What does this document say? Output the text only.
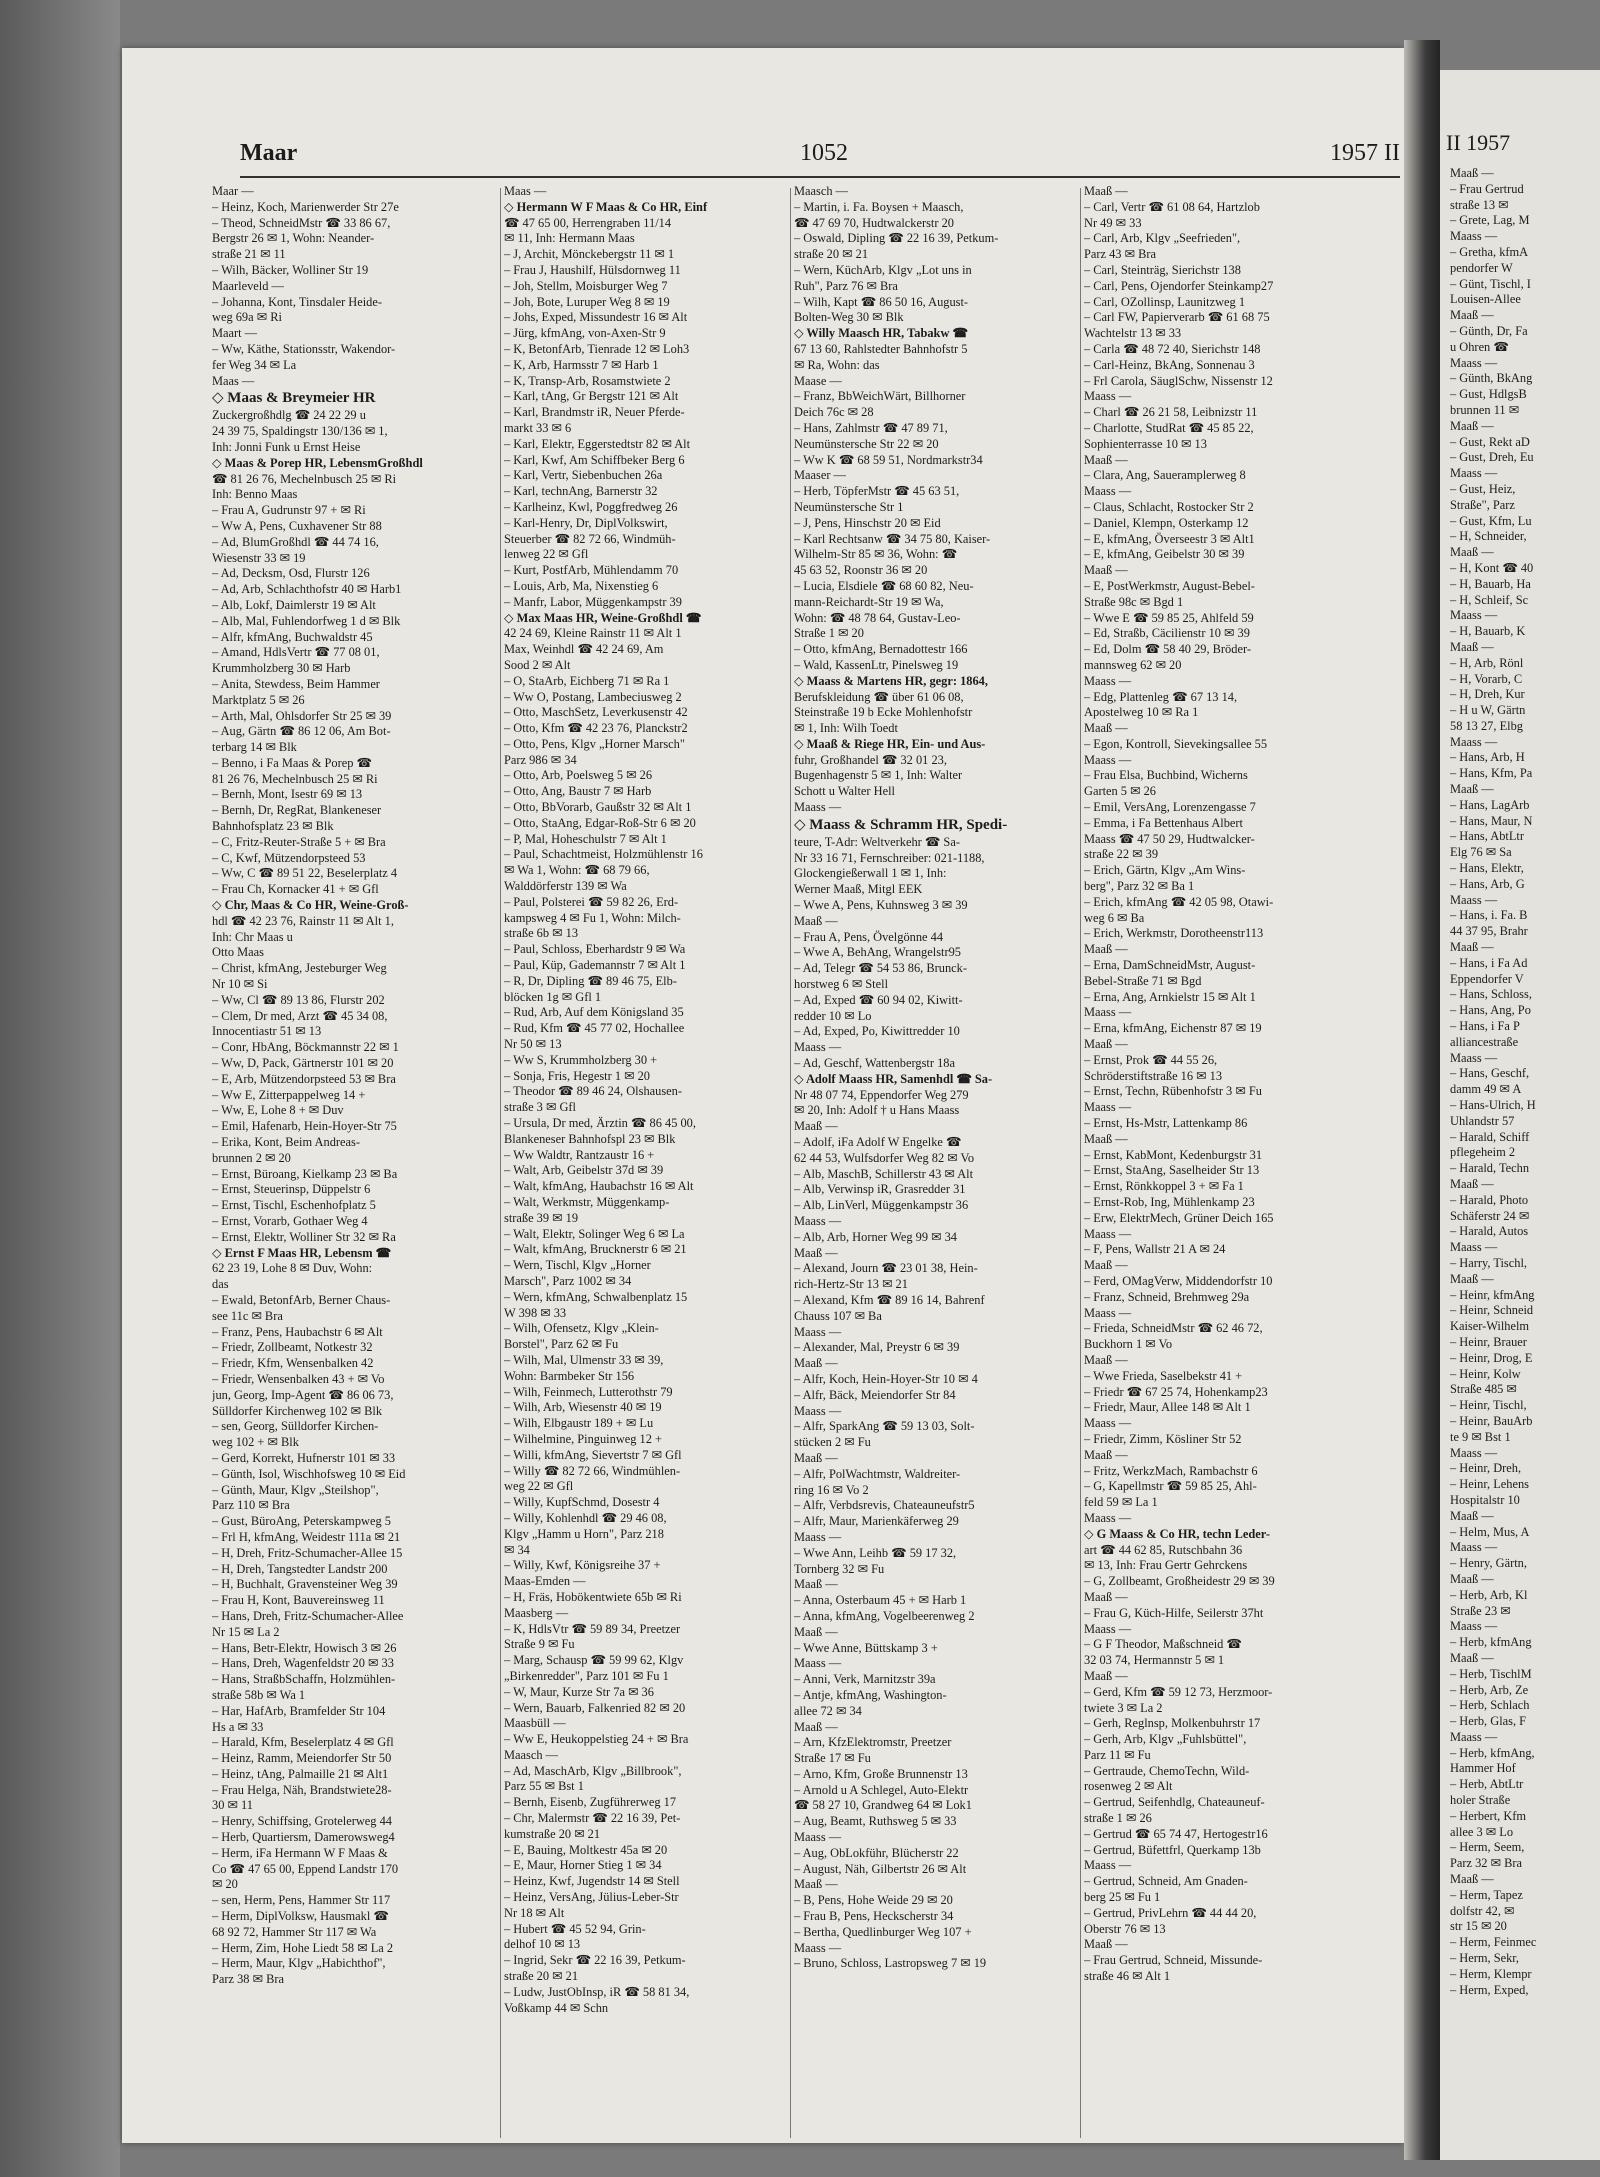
Maar	1052	1957 II
Maar —
– Heinz, Koch, Marienwerder Str 27e
– Theod, SchneidMstr ☎ 33 86 67,
Bergstr 26 ✉ 1, Wohn: Neander-
straße 21 ✉ 11
– Wilh, Bäcker, Wolliner Str 19
Maarleveld —
– Johanna, Kont, Tinsdaler Heide-
weg 69a ✉ Ri
Maart —
– Ww, Käthe, Stationsstr, Wakendor-
fer Weg 34 ✉ La
Maas —
◇ Maas & Breymeier HR
Zuckergroßhdlg ☎ 24 22 29 u
24 39 75, Spaldingstr 130/136 ✉ 1,
Inh: Jonni Funk u Ernst Heise
◇ Maas & Porep HR, LebensmGroßhdl
☎ 81 26 76, Mechelnbusch 25 ✉ Ri
Inh: Benno Maas
– Frau A, Gudrunstr 97 + ✉ Ri
– Ww A, Pens, Cuxhavener Str 88
– Ad, BlumGroßhdl ☎ 44 74 16,
Wiesenstr 33 ✉ 19
– Ad, Decksm, Osd, Flurstr 126
– Ad, Arb, Schlachthofstr 40 ✉ Harb1
– Alb, Lokf, Daimlerstr 19 ✉ Alt
– Alb, Mal, Fuhlendorfweg 1 d ✉ Blk
– Alfr, kfmAng, Buchwaldstr 45
– Amand, HdlsVertr ☎ 77 08 01,
Krummholzberg 30 ✉ Harb
– Anita, Stewdess, Beim Hammer
Marktplatz 5 ✉ 26
– Arth, Mal, Ohlsdorfer Str 25 ✉ 39
– Aug, Gärtn ☎ 86 12 06, Am Bot-
terbarg 14 ✉ Blk
– Benno, i Fa Maas & Porep ☎
81 26 76, Mechelnbusch 25 ✉ Ri
– Bernh, Mont, Isestr 69 ✉ 13
– Bernh, Dr, RegRat, Blankeneser
Bahnhofsplatz 23 ✉ Blk
– C, Fritz-Reuter-Straße 5 + ✉ Bra
– C, Kwf, Mützendorpsteed 53
– Ww, C ☎ 89 51 22, Beselerplatz 4
– Frau Ch, Kornacker 41 + ✉ Gfl
◇ Chr, Maas & Co HR, Weine-Groß-
hdl ☎ 42 23 76, Rainstr 11 ✉ Alt 1,
Inh: Chr Maas u
Otto Maas
– Christ, kfmAng, Jesteburger Weg
Nr 10 ✉ Si
– Ww, Cl ☎ 89 13 86, Flurstr 202
– Clem, Dr med, Arzt ☎ 45 34 08,
Innocentiastr 51 ✉ 13
– Conr, HbAng, Böckmannstr 22 ✉ 1
– Ww, D, Pack, Gärtnerstr 101 ✉ 20
– E, Arb, Mützendorpsteed 53 ✉ Bra
– Ww E, Zitterpappelweg 14 +
– Ww, E, Lohe 8 + ✉ Duv
– Emil, Hafenarb, Hein-Hoyer-Str 75
– Erika, Kont, Beim Andreas-
brunnen 2 ✉ 20
– Ernst, Büroang, Kielkamp 23 ✉ Ba
– Ernst, Steuerinsp, Düppelstr 6
– Ernst, Tischl, Eschenhofplatz 5
– Ernst, Vorarb, Gothaer Weg 4
– Ernst, Elektr, Wolliner Str 32 ✉ Ra
◇ Ernst F Maas HR, Lebensm ☎
62 23 19, Lohe 8 ✉ Duv, Wohn:
das
– Ewald, BetonfArb, Berner Chaus-
see 11c ✉ Bra
– Franz, Pens, Haubachstr 6 ✉ Alt
– Friedr, Zollbeamt, Notkestr 32
– Friedr, Kfm, Wensenbalken 42
– Friedr, Wensenbalken 43 + ✉ Vo
jun, Georg, Imp-Agent ☎ 86 06 73,
Sülldorfer Kirchenweg 102 ✉ Blk
– sen, Georg, Sülldorfer Kirchen-
weg 102 + ✉ Blk
– Gerd, Korrekt, Hufnerstr 101 ✉ 33
– Günth, Isol, Wischhofsweg 10 ✉ Eid
– Günth, Maur, Klgv „Steilshop",
Parz 110 ✉ Bra
– Gust, BüroAng, Peterskampweg 5
– Frl H, kfmAng, Weidestr 111a ✉ 21
– H, Dreh, Fritz-Schumacher-Allee 15
– H, Dreh, Tangstedter Landstr 200
– H, Buchhalt, Gravensteiner Weg 39
– Frau H, Kont, Bauvereinsweg 11
– Hans, Dreh, Fritz-Schumacher-Allee
Nr 15 ✉ La 2
– Hans, Betr-Elektr, Howisch 3 ✉ 26
– Hans, Dreh, Wagenfeldstr 20 ✉ 33
– Hans, StraßbSchaffn, Holzmühlen-
straße 58b ✉ Wa 1
– Har, HafArb, Bramfelder Str 104
Hs a ✉ 33
– Harald, Kfm, Beselerplatz 4 ✉ Gfl
– Heinz, Ramm, Meiendorfer Str 50
– Heinz, tAng, Palmaille 21 ✉ Alt1
– Frau Helga, Näh, Brandstwiete28-
30 ✉ 11
– Henry, Schiffsing, Grotelerweg 44
– Herb, Quartiersm, Damerowsweg4
– Herm, iFa Hermann W F Maas &
Co ☎ 47 65 00, Eppend Landstr 170
✉ 20
– sen, Herm, Pens, Hammer Str 117
– Herm, DiplVolksw, Hausmakl ☎
68 92 72, Hammer Str 117 ✉ Wa
– Herm, Zim, Hohe Liedt 58 ✉ La 2
– Herm, Maur, Klgv „Habichthof",
Parz 38 ✉ Bra
Maas —
◇ Hermann W F Maas & Co HR, Einf
☎ 47 65 00, Herrengraben 11/14
✉ 11, Inh: Hermann Maas
– J, Archit, Mönckebergstr 11 ✉ 1
– Frau J, Haushilf, Hülsdornweg 11
– Joh, Stellm, Moisburger Weg 7
– Joh, Bote, Luruper Weg 8 ✉ 19
– Johs, Exped, Missundestr 16 ✉ Alt
– Jürg, kfmAng, von-Axen-Str 9
– K, BetonfArb, Tienrade 12 ✉ Loh3
– K, Arb, Harmsstr 7 ✉ Harb 1
– K, Transp-Arb, Rosamstwiete 2
– Karl, tAng, Gr Bergstr 121 ✉ Alt
– Karl, Brandmstr iR, Neuer Pferde-
markt 33 ✉ 6
– Karl, Elektr, Eggerstedtstr 82 ✉ Alt
– Karl, Kwf, Am Schiffbeker Berg 6
– Karl, Vertr, Siebenbuchen 26a
– Karl, technAng, Barnerstr 32
– Karlheinz, Kwl, Poggfredweg 26
– Karl-Henry, Dr, DiplVolkswirt,
Steuerber ☎ 82 72 66, Windmüh-
lenweg 22 ✉ Gfl
– Kurt, PostfArb, Mühlendamm 70
– Louis, Arb, Ma, Nixenstieg 6
– Manfr, Labor, Müggenkampstr 39
◇ Max Maas HR, Weine-Großhdl ☎
42 24 69, Kleine Rainstr 11 ✉ Alt 1
Max, Weinhdl ☎ 42 24 69, Am
Sood 2 ✉ Alt
– O, StaArb, Eichberg 71 ✉ Ra 1
– Ww O, Postang, Lambeciusweg 2
– Otto, MaschSetz, Leverkusenstr 42
– Otto, Kfm ☎ 42 23 76, Planckstr2
– Otto, Pens, Klgv „Horner Marsch"
Parz 986 ✉ 34
– Otto, Arb, Poelsweg 5 ✉ 26
– Otto, Ang, Baustr 7 ✉ Harb
– Otto, BbVorarb, Gaußstr 32 ✉ Alt 1
– Otto, StaAng, Edgar-Roß-Str 6 ✉ 20
– P, Mal, Hoheschulstr 7 ✉ Alt 1
– Paul, Schachtmeist, Holzmühlenstr 16
✉ Wa 1, Wohn: ☎ 68 79 66,
Walddörferstr 139 ✉ Wa
– Paul, Polsterei ☎ 59 82 26, Erd-
kampsweg 4 ✉ Fu 1, Wohn: Milch-
straße 6b ✉ 13
– Paul, Schloss, Eberhardstr 9 ✉ Wa
– Paul, Küp, Gademannstr 7 ✉ Alt 1
– R, Dr, Dipling ☎ 89 46 75, Elb-
blöcken 1g ✉ Gfl 1
– Rud, Arb, Auf dem Königsland 35
– Rud, Kfm ☎ 45 77 02, Hochallee
Nr 50 ✉ 13
– Ww S, Krummholzberg 30 +
– Sonja, Fris, Hegestr 1 ✉ 20
– Theodor ☎ 89 46 24, Olshausen-
straße 3 ✉ Gfl
– Ursula, Dr med, Ärztin ☎ 86 45 00,
Blankeneser Bahnhofspl 23 ✉ Blk
– Ww Waldtr, Rantzaustr 16 +
– Walt, Arb, Geibelstr 37d ✉ 39
– Walt, kfmAng, Haubachstr 16 ✉ Alt
– Walt, Werkmstr, Müggenkamp-
straße 39 ✉ 19
– Walt, Elektr, Solinger Weg 6 ✉ La
– Walt, kfmAng, Brucknerstr 6 ✉ 21
– Wern, Tischl, Klgv „Horner
Marsch", Parz 1002 ✉ 34
– Wern, kfmAng, Schwalbenplatz 15
W 398 ✉ 33
– Wilh, Ofensetz, Klgv „Klein-
Borstel", Parz 62 ✉ Fu
– Wilh, Mal, Ulmenstr 33 ✉ 39,
Wohn: Barmbeker Str 156
– Wilh, Feinmech, Lutterothstr 79
– Wilh, Arb, Wiesenstr 40 ✉ 19
– Wilh, Elbgaustr 189 + ✉ Lu
– Wilhelmine, Pinguinweg 12 +
– Willi, kfmAng, Sievertstr 7 ✉ Gfl
– Willy ☎ 82 72 66, Windmühlen-
weg 22 ✉ Gfl
– Willy, KupfSchmd, Dosestr 4
– Willy, Kohlenhdl ☎ 29 46 08,
Klgv „Hamm u Horn", Parz 218
✉ 34
– Willy, Kwf, Königsreihe 37 +
Maas-Emden —
– H, Fräs, Hobökentwiete 65b ✉ Ri
Maasberg —
– K, HdlsVtr ☎ 59 89 34, Preetzer
Straße 9 ✉ Fu
– Marg, Schausp ☎ 59 99 62, Klgv
„Birkenredder", Parz 101 ✉ Fu 1
– W, Maur, Kurze Str 7a ✉ 36
– Wern, Bauarb, Falkenried 82 ✉ 20
Maasbüll —
– Ww E, Heukoppelstieg 24 + ✉ Bra
Maasch —
– Ad, MaschArb, Klgv „Billbrook",
Parz 55 ✉ Bst 1
– Bernh, Eisenb, Zugführerweg 17
– Chr, Malermstr ☎ 22 16 39, Pet-
kumstraße 20 ✉ 21
– E, Bauing, Moltkestr 45a ✉ 20
– E, Maur, Horner Stieg 1 ✉ 34
– Heinz, Kwf, Jugendstr 14 ✉ Stell
– Heinz, VersAng, Jülius-Leber-Str
Nr 18 ✉ Alt
– Hubert ☎ 45 52 94, Grin-
delhof 10 ✉ 13
– Ingrid, Sekr ☎ 22 16 39, Petkum-
straße 20 ✉ 21
– Ludw, JustObInsp, iR ☎ 58 81 34,
Voßkamp 44 ✉ Schn
Maasch —
– Martin, i. Fa. Boysen + Maasch,
☎ 47 69 70, Hudtwalckerstr 20
– Oswald, Dipling ☎ 22 16 39, Petkum-
straße 20 ✉ 21
– Wern, KüchArb, Klgv „Lot uns in
Ruh", Parz 76 ✉ Bra
– Wilh, Kapt ☎ 86 50 16, August-
Bolten-Weg 30 ✉ Blk
◇ Willy Maasch HR, Tabakw ☎
67 13 60, Rahlstedter Bahnhofstr 5
✉ Ra, Wohn: das
Maase —
– Franz, BbWeichWärt, Billhorner
Deich 76c ✉ 28
– Hans, Zahlmstr ☎ 47 89 71,
Neumünstersche Str 22 ✉ 20
– Ww K ☎ 68 59 51, Nordmarkstr34
Maaser —
– Herb, TöpferMstr ☎ 45 63 51,
Neumünstersche Str 1
– J, Pens, Hinschstr 20 ✉ Eid
– Karl Rechtsanw ☎ 34 75 80, Kaiser-
Wilhelm-Str 85 ✉ 36, Wohn: ☎
45 63 52, Roonstr 36 ✉ 20
– Lucia, Elsdiele ☎ 68 60 82, Neu-
mann-Reichardt-Str 19 ✉ Wa,
Wohn: ☎ 48 78 64, Gustav-Leo-
Straße 1 ✉ 20
– Otto, kfmAng, Bernadottestr 166
– Wald, KassenLtr, Pinelsweg 19
◇ Maass & Martens HR, gegr: 1864,
Berufskleidung ☎ über 61 06 08,
Steinstraße 19 b Ecke Mohlenhofstr
✉ 1, Inh: Wilh Toedt
◇ Maaß & Riege HR, Ein- und Aus-
fuhr, Großhandel ☎ 32 01 23,
Bugenhagenstr 5 ✉ 1, Inh: Walter
Schott u Walter Hell
Maass —
◇ Maass & Schramm HR, Spedi-
teure, T-Adr: Weltverkehr ☎ Sa-
Nr 33 16 71, Fernschreiber: 021-1188,
Glockengießerwall 1 ✉ 1, Inh:
Werner Maaß, Mitgl EEK
– Wwe A, Pens, Kuhnsweg 3 ✉ 39
Maaß —
– Frau A, Pens, Övelgönne 44
– Wwe A, BehAng, Wrangelstr95
– Ad, Telegr ☎ 54 53 86, Brunck-
horstweg 6 ✉ Stell
– Ad, Exped ☎ 60 94 02, Kiwitt-
redder 10 ✉ Lo
– Ad, Exped, Po, Kiwittredder 10
Maass —
– Ad, Geschf, Wattenbergstr 18a
◇ Adolf Maass HR, Samenhdl ☎ Sa-
Nr 48 07 74, Eppendorfer Weg 279
✉ 20, Inh: Adolf † u Hans Maass
Maaß —
– Adolf, iFa Adolf W Engelke ☎
62 44 53, Wulfsdorfer Weg 82 ✉ Vo
– Alb, MaschB, Schillerstr 43 ✉ Alt
– Alb, Verwinsp iR, Grasredder 31
– Alb, LinVerl, Müggenkampstr 36
Maass —
– Alb, Arb, Horner Weg 99 ✉ 34
Maaß —
– Alexand, Journ ☎ 23 01 38, Hein-
rich-Hertz-Str 13 ✉ 21
– Alexand, Kfm ☎ 89 16 14, Bahrenf
Chauss 107 ✉ Ba
Maass —
– Alexander, Mal, Preystr 6 ✉ 39
Maaß —
– Alfr, Koch, Hein-Hoyer-Str 10 ✉ 4
– Alfr, Bäck, Meiendorfer Str 84
Maass —
– Alfr, SparkAng ☎ 59 13 03, Solt-
stücken 2 ✉ Fu
Maaß —
– Alfr, PolWachtmstr, Waldreiter-
ring 16 ✉ Vo 2
– Alfr, Verbdsrevis, Chateauneufstr5
– Alfr, Maur, Marienkäferweg 29
Maass —
– Wwe Ann, Leihb ☎ 59 17 32,
Tornberg 32 ✉ Fu
Maaß —
– Anna, Osterbaum 45 + ✉ Harb 1
– Anna, kfmAng, Vogelbeerenweg 2
Maaß —
– Wwe Anne, Büttskamp 3 +
Maass —
– Anni, Verk, Marnitzstr 39a
– Antje, kfmAng, Washington-
allee 72 ✉ 34
Maaß —
– Arn, KfzElektromstr, Preetzer
Straße 17 ✉ Fu
– Arno, Kfm, Große Brunnenstr 13
– Arnold u A Schlegel, Auto-Elektr
☎ 58 27 10, Grandweg 64 ✉ Lok1
– Aug, Beamt, Ruthsweg 5 ✉ 33
Maass —
– Aug, ObLokführ, Blücherstr 22
– August, Näh, Gilbertstr 26 ✉ Alt
Maaß —
– B, Pens, Hohe Weide 29 ✉ 20
– Frau B, Pens, Heckscherstr 34
– Bertha, Quedlinburger Weg 107 +
Maass —
– Bruno, Schloss, Lastropsweg 7 ✉ 19
Maaß —
– Carl, Vertr ☎ 61 08 64, Hartzlob
Nr 49 ✉ 33
– Carl, Arb, Klgv „Seefrieden",
Parz 43 ✉ Bra
– Carl, Steinträg, Sierichstr 138
– Carl, Pens, Ojendorfer Steinkamp27
– Carl, OZollinsp, Launitzweg 1
– Carl FW, Papierverarb ☎ 61 68 75
Wachtelstr 13 ✉ 33
– Carla ☎ 48 72 40, Sierichstr 148
– Carl-Heinz, BkAng, Sonnenau 3
– Frl Carola, SäuglSchw, Nissenstr 12
Maass —
– Charl ☎ 26 21 58, Leibnizstr 11
– Charlotte, StudRat ☎ 45 85 22,
Sophienterrasse 10 ✉ 13
Maaß —
– Clara, Ang, Saueramplerweg 8
Maass —
– Claus, Schlacht, Rostocker Str 2
– Daniel, Klempn, Osterkamp 12
– E, kfmAng, Överseestr 3 ✉ Alt1
– E, kfmAng, Geibelstr 30 ✉ 39
Maaß —
– E, PostWerkmstr, August-Bebel-
Straße 98c ✉ Bgd 1
– Wwe E ☎ 59 85 25, Ahlfeld 59
– Ed, Straßb, Cäcilienstr 10 ✉ 39
– Ed, Dolm ☎ 58 40 29, Bröder-
mannsweg 62 ✉ 20
Maass —
– Edg, Plattenleg ☎ 67 13 14,
Apostelweg 10 ✉ Ra 1
Maaß —
– Egon, Kontroll, Sievekingsallee 55
Maass —
– Frau Elsa, Buchbind, Wicherns
Garten 5 ✉ 26
– Emil, VersAng, Lorenzengasse 7
– Emma, i Fa Bettenhaus Albert
Maass ☎ 47 50 29, Hudtwalcker-
straße 22 ✉ 39
– Erich, Gärtn, Klgv „Am Wins-
berg", Parz 32 ✉ Ba 1
– Erich, kfmAng ☎ 42 05 98, Otawi-
weg 6 ✉ Ba
– Erich, Werkmstr, Dorotheenstr113
Maaß —
– Erna, DamSchneidMstr, August-
Bebel-Straße 71 ✉ Bgd
– Erna, Ang, Arnkielstr 15 ✉ Alt 1
Maass —
– Erna, kfmAng, Eichenstr 87 ✉ 19
Maaß —
– Ernst, Prok ☎ 44 55 26,
Schröderstiftstraße 16 ✉ 13
– Ernst, Techn, Rübenhofstr 3 ✉ Fu
Maass —
– Ernst, Hs-Mstr, Lattenkamp 86
Maaß —
– Ernst, KabMont, Kedenburgstr 31
– Ernst, StaAng, Saselheider Str 13
– Ernst, Rönkkoppel 3 + ✉ Fa 1
– Ernst-Rob, Ing, Mühlenkamp 23
– Erw, ElektrMech, Grüner Deich 165
Maass —
– F, Pens, Wallstr 21 A ✉ 24
Maaß —
– Ferd, OMagVerw, Middendorfstr 10
– Franz, Schneid, Brehmweg 29a
Maass —
– Frieda, SchneidMstr ☎ 62 46 72,
Buckhorn 1 ✉ Vo
Maaß —
– Wwe Frieda, Saselbekstr 41 +
– Friedr ☎ 67 25 74, Hohenkamp23
– Friedr, Maur, Allee 148 ✉ Alt 1
Maass —
– Friedr, Zimm, Kösliner Str 52
Maaß —
– Fritz, WerkzMach, Rambachstr 6
– G, Kapellmstr ☎ 59 85 25, Ahl-
feld 59 ✉ La 1
Maass —
◇ G Maass & Co HR, techn Leder-
art ☎ 44 62 85, Rutschbahn 36
✉ 13, Inh: Frau Gertr Gehrckens
– G, Zollbeamt, Großheidestr 29 ✉ 39
Maaß —
– Frau G, Küch-Hilfe, Seilerstr 37ht
Maass —
– G F Theodor, Maßschneid ☎
32 03 74, Hermannstr 5 ✉ 1
Maaß —
– Gerd, Kfm ☎ 59 12 73, Herzmoor-
twiete 3 ✉ La 2
– Gerh, Reglnsp, Molkenbuhrstr 17
– Gerh, Arb, Klgv „Fuhlsbüttel",
Parz 11 ✉ Fu
– Gertraude, ChemoTechn, Wild-
rosenweg 2 ✉ Alt
– Gertrud, Seifenhdlg, Chateauneuf-
straße 1 ✉ 26
– Gertrud ☎ 65 74 47, Hertogestr16
– Gertrud, Büfettfrl, Querkamp 13b
Maass —
– Gertrud, Schneid, Am Gnaden-
berg 25 ✉ Fu 1
– Gertrud, PrivLehrn ☎ 44 44 20,
Oberstr 76 ✉ 13
Maaß —
– Frau Gertrud, Schneid, Missunde-
straße 46 ✉ Alt 1
II 1957
Maaß —
– Frau Gertrud
straße 13 ✉
– Grete, Lag, M
Maass —
– Gretha, kfmA
pendorfer W
– Günt, Tischl, I
Louisen-Allee
Maaß —
– Günth, Dr, Fa
u Ohren ☎
Maass —
– Günth, BkAng
– Gust, HdlgsB
brunnen 11 ✉
Maaß —
– Gust, Rekt aD
– Gust, Dreh, Eu
Maass —
– Gust, Heiz,
Straße", Parz
– Gust, Kfm, Lu
– H, Schneider,
Maaß —
– H, Kont ☎ 40
– H, Bauarb, Ha
– H, Schleif, Sc
Maass —
– H, Bauarb, K
Maaß —
– H, Arb, Rönl
– H, Vorarb, C
– H, Dreh, Kur
– H u W, Gärtn
58 13 27, Elbg
Maass —
– Hans, Arb, H
– Hans, Kfm, Pa
Maaß —
– Hans, LagArb
– Hans, Maur, N
– Hans, AbtLtr
Elg 76 ✉ Sa
– Hans, Elektr,
– Hans, Arb, G
Maass —
– Hans, i. Fa. B
44 37 95, Brahr
Maaß —
– Hans, i Fa Ad
Eppendorfer V
– Hans, Schloss,
– Hans, Ang, Po
– Hans, i Fa P
alliancestraße
Maass —
– Hans, Geschf,
damm 49 ✉ A
– Hans-Ulrich, H
Uhlandstr 57
– Harald, Schiff
pflegeheim 2
– Harald, Techn
Maaß —
– Harald, Photo
Schäferstr 24 ✉
– Harald, Autos
Maass —
– Harry, Tischl,
Maaß —
– Heinr, kfmAng
– Heinr, Schneid
Kaiser-Wilhelm
– Heinr, Brauer
– Heinr, Drog, E
– Heinr, Kolw
Straße 485 ✉
– Heinr, Tischl,
– Heinr, BauArb
te 9 ✉ Bst 1
Maass —
– Heinr, Dreh,
– Heinr, Lehens
Hospitalstr 10
Maaß —
– Helm, Mus, A
Maass —
– Henry, Gärtn,
Maaß —
– Herb, Arb, Kl
Straße 23 ✉
Maass —
– Herb, kfmAng
Maaß —
– Herb, TischlM
– Herb, Arb, Ze
– Herb, Schlach
– Herb, Glas, F
Maass —
– Herb, kfmAng,
Hammer Hof
– Herb, AbtLtr
holer Straße
– Herbert, Kfm
allee 3 ✉ Lo
– Herm, Seem,
Parz 32 ✉ Bra
Maaß —
– Herm, Tapez
dolfstr 42, ✉
str 15 ✉ 20
– Herm, Feinmec
– Herm, Sekr,
– Herm, Klempr
– Herm, Exped,
